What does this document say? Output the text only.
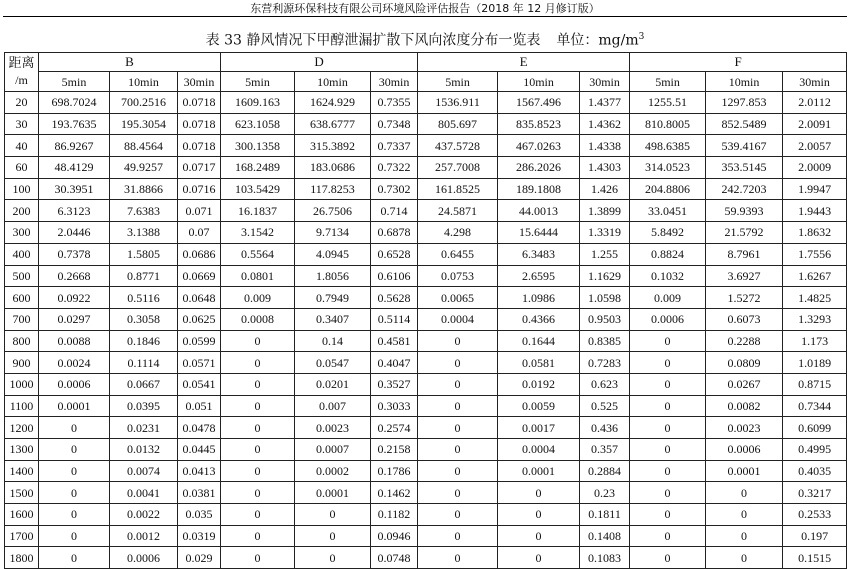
东营利源环保科技有限公司环境风险评估报告（2018 年 12 月修订版）
表 33 静风情况下甲醇泄漏扩散下风向浓度分布一览表 单位：$mg/m^3$
距离
/m	B			D			E			F		
	5min	10min	30min	5min	10min	30min	5min	10min	30min	5min	10min	30min
20	698.7024	700.2516	0.0718	1609.163	1624.929	0.7355	1536.911	1567.496	1.4377	1255.51	1297.853	2.0112
30	193.7635	195.3054	0.0718	623.1058	638.6777	0.7348	805.697	835.8523	1.4362	810.8005	852.5489	2.0091
40	86.9267	88.4564	0.0718	300.1358	315.3892	0.7337	437.5728	467.0263	1.4338	498.6385	539.4167	2.0057
60	48.4129	49.9257	0.0717	168.2489	183.0686	0.7322	257.7008	286.2026	1.4303	314.0523	353.5145	2.0009
100	30.3951	31.8866	0.0716	103.5429	117.8253	0.7302	161.8525	189.1808	1.426	204.8806	242.7203	1.9947
200	6.3123	7.6383	0.071	16.1837	26.7506	0.714	24.5871	44.0013	1.3899	33.0451	59.9393	1.9443
300	2.0446	3.1388	0.07	3.1542	9.7134	0.6878	4.298	15.6444	1.3319	5.8492	21.5792	1.8632
400	0.7378	1.5805	0.0686	0.5564	4.0945	0.6528	0.6455	6.3483	1.255	0.8824	8.7961	1.7556
500	0.2668	0.8771	0.0669	0.0801	1.8056	0.6106	0.0753	2.6595	1.1629	0.1032	3.6927	1.6267
600	0.0922	0.5116	0.0648	0.009	0.7949	0.5628	0.0065	1.0986	1.0598	0.009	1.5272	1.4825
700	0.0297	0.3058	0.0625	0.0008	0.3407	0.5114	0.0004	0.4366	0.9503	0.0006	0.6073	1.3293
800	0.0088	0.1846	0.0599	0	0.14	0.4581	0	0.1644	0.8385	0	0.2288	1.173
900	0.0024	0.1114	0.0571	0	0.0547	0.4047	0	0.0581	0.7283	0	0.0809	1.0189
1000	0.0006	0.0667	0.0541	0	0.0201	0.3527	0	0.0192	0.623	0	0.0267	0.8715
1100	0.0001	0.0395	0.051	0	0.007	0.3033	0	0.0059	0.525	0	0.0082	0.7344
1200	0	0.0231	0.0478	0	0.0023	0.2574	0	0.0017	0.436	0	0.0023	0.6099
1300	0	0.0132	0.0445	0	0.0007	0.2158	0	0.0004	0.357	0	0.0006	0.4995
1400	0	0.0074	0.0413	0	0.0002	0.1786	0	0.0001	0.2884	0	0.0001	0.4035
1500	0	0.0041	0.0381	0	0.0001	0.1462	0	0	0.23	0	0	0.3217
1600	0	0.0022	0.035	0	0	0.1182	0	0	0.1811	0	0	0.2533
1700	0	0.0012	0.0319	0	0	0.0946	0	0	0.1408	0	0	0.197
1800	0	0.0006	0.029	0	0	0.0748	0	0	0.1083	0	0	0.1515
